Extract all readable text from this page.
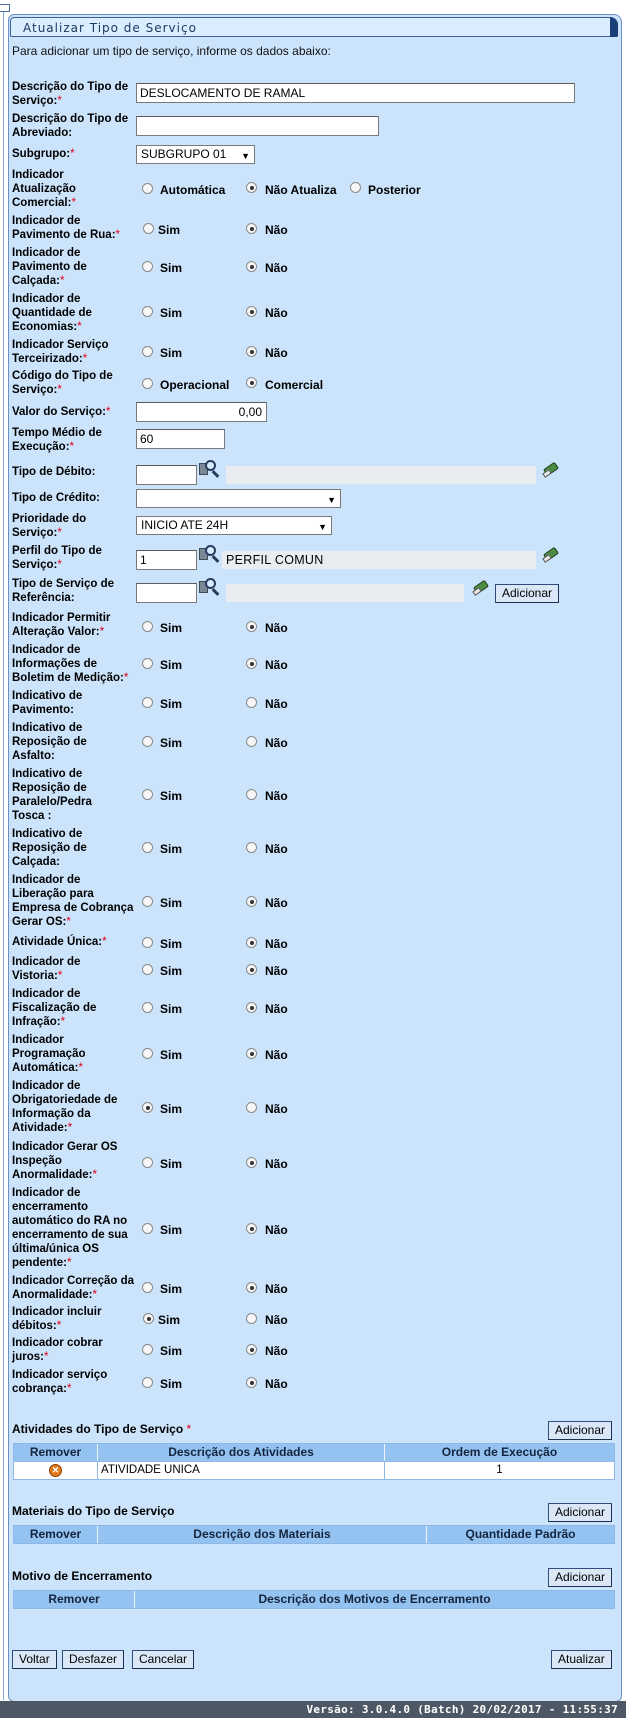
Atualizar Tipo de Serviço
Para adicionar um tipo de serviço, informe os dados abaixo:
Descrição do Tipo de Serviço:*
DESLOCAMENTO DE RAMAL
Descrição do Tipo de Abreviado:
Subgrupo:*	SUBGRUPO 01 ▼
Indicador Atualização Comercial:*
Automática	Não Atualiza	Posterior
Indicador de Pavimento de Rua:*	Sim	Não
Indicador de Pavimento de Calçada:*
Sim	Não
Indicador de Quantidade de Economias:*
Sim	Não
Indicador Serviço Terceirizado:*	Sim	Não
Indicador Permitir Alteração Valor:*	Sim	Não
Indicador de Informações de Boletim de Medição:*
Sim	Não
Indicativo de Pavimento:	Sim	Não
Indicativo de Reposição de Asfalto:
Sim	Não
Indicativo de Reposição de Paralelo/Pedra Tosca :
Sim	Não
Indicativo de Reposição de Calçada:
Sim	Não
Indicador de Liberação para Empresa de Cobrança Gerar OS:*
Sim	Não
Atividade Única:*	Sim	Não
Indicador de Vistoria:*	Sim	Não
Indicador de Fiscalização de Infração:*
Sim	Não
Indicador Programação Automática:*
Sim	Não
Indicador de Obrigatoriedade de Informação da Atividade:*
Sim	Não
Indicador Gerar OS Inspeção Anormalidade:*
Sim	Não
Indicador de encerramento automático do RA no encerramento de sua última/única OS pendente:*
Sim	Não
Indicador Correção da Anormalidade:*	Sim	Não
Indicador incluir débitos:*	Sim	Não
Indicador cobrar juros:*	Sim	Não
Indicador serviço cobrança:*	Sim	Não
Código do Tipo de Serviço:*	Operacional	Comercial
Valor do Serviço:*	0,00
Tempo Médio de Execução:*
60
Tipo de Débito:
Tipo de Crédito:	▼
Prioridade do Serviço:*
INICIO ATE 24H	▼
Perfil do Tipo de Serviço:*	1	PERFIL COMUN
Tipo de Serviço de Referência:	Adicionar
Atividades do Tipo de Serviço *	Adicionar
Remover	Descrição dos Atividades	Ordem de Execução
✕	ATIVIDADE UNICA	1
Materiais do Tipo de Serviço	Adicionar
Remover	Descrição dos Materiais	Quantidade Padrão
Motivo de Encerramento	Adicionar
Remover	Descrição dos Motivos de Encerramento
Voltar	Desfazer	Cancelar	Atualizar
Versão: 3.0.4.0 (Batch) 20/02/2017 - 11:55:37
